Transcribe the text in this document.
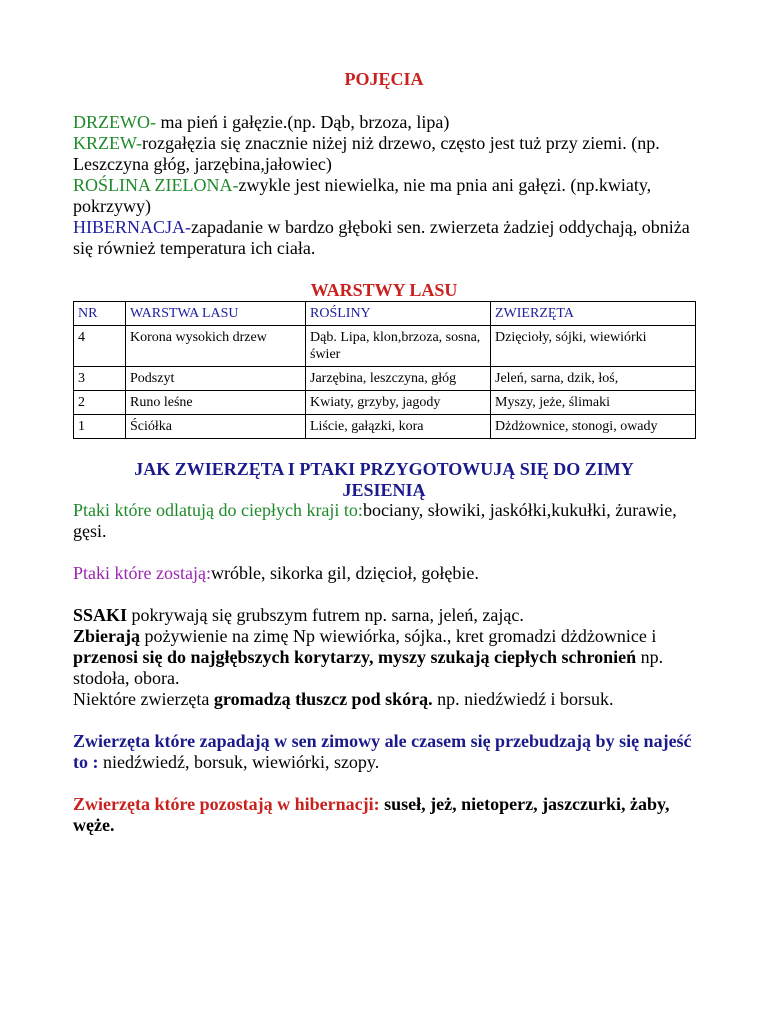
POJĘCIA

DRZEWO- ma pień i gałęzie.(np. Dąb, brzoza, lipa)

KRZEW-rozgałęzia się znacznie niżej niż drzewo, często jest tuż przy ziemi. (np. Leszczyna głóg, jarzębina,jałowiec)

ROŚLINA ZIELONA-zwykle jest niewielka, nie ma pnia ani gałęzi. (np.kwiaty, pokrzywy)

HIBERNACJA-zapadanie w bardzo głęboki sen. zwierzeta żadziej oddychają, obniża się również temperatura ich ciała.

WARSTWY LASU
NR	WARSTWA LASU	ROŚLINY	ZWIERZĘTA
4	Korona wysokich drzew	Dąb. Lipa, klon,brzoza, sosna, świer	Dzięcioły, sójki, wiewiórki
3	Podszyt	Jarzębina, leszczyna, głóg	Jeleń, sarna, dzik, łoś,
2	Runo leśne	Kwiaty, grzyby, jagody	Myszy, jeże, ślimaki
1	Ściółka	Liście, gałązki, kora	Dżdżownice, stonogi, owady
JAK ZWIERZĘTA I PTAKI PRZYGOTOWUJĄ SIĘ DO ZIMY JESIENIĄ

Ptaki które odlatują do ciepłych kraji to:bociany, słowiki, jaskółki,kukułki, żurawie, gęsi.

Ptaki które zostają:wróble, sikorka gil, dzięcioł, gołębie.

SSAKI pokrywają się grubszym futrem np. sarna, jeleń, zając.

Zbierają pożywienie na zimę Np wiewiórka, sójka., kret gromadzi dżdżownice i przenosi się do najgłębszych korytarzy, myszy szukają ciepłych schronień np. stodoła, obora.

Niektóre zwierzęta gromadzą tłuszcz pod skórą. np. niedźwiedź i borsuk.

Zwierzęta które zapadają w sen zimowy ale czasem się przebudzają by się najeść to : niedźwiedź, borsuk, wiewiórki, szopy.

Zwierzęta które pozostają w hibernacji: suseł, jeż, nietoperz, jaszczurki, żaby, węże.
